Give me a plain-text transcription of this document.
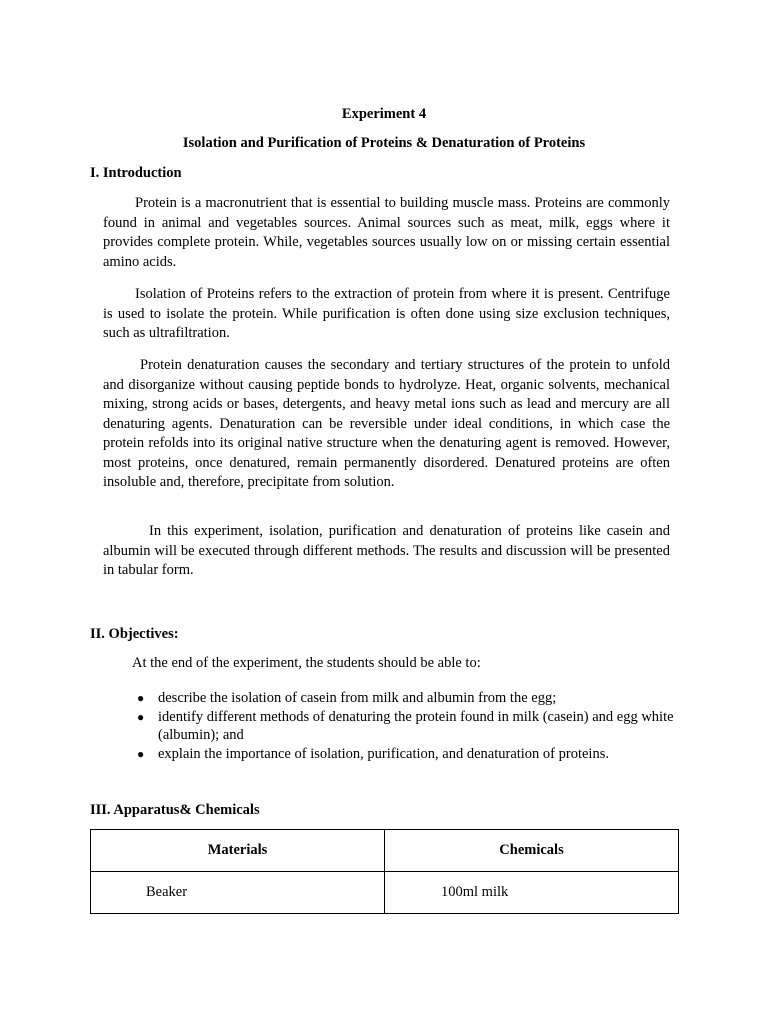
Experiment 4
Isolation and Purification of Proteins & Denaturation of Proteins
I. Introduction
Protein is a macronutrient that is essential to building muscle mass. Proteins are commonly found in animal and vegetables sources. Animal sources such as meat, milk, eggs where it provides complete protein. While, vegetables sources usually low on or missing certain essential amino acids.
Isolation of Proteins refers to the extraction of protein from where it is present. Centrifuge is used to isolate the protein. While purification is often done using size exclusion techniques, such as ultrafiltration.
Protein denaturation causes the secondary and tertiary structures of the protein to unfold and disorganize without causing peptide bonds to hydrolyze. Heat, organic solvents, mechanical mixing, strong acids or bases, detergents, and heavy metal ions such as lead and mercury are all denaturing agents. Denaturation can be reversible under ideal conditions, in which case the protein refolds into its original native structure when the denaturing agent is removed. However, most proteins, once denatured, remain permanently disordered. Denatured proteins are often insoluble and, therefore, precipitate from solution.
In this experiment, isolation, purification and denaturation of proteins like casein and albumin will be executed through different methods. The results and discussion will be presented in tabular form.
II. Objectives:
At the end of the experiment, the students should be able to:
● describe the isolation of casein from milk and albumin from the egg;
● identify different methods of denaturing the protein found in milk (casein) and egg white (albumin); and
● explain the importance of isolation, purification, and denaturation of proteins.
III. Apparatus& Chemicals
Materials	Chemicals
Beaker	100ml milk
